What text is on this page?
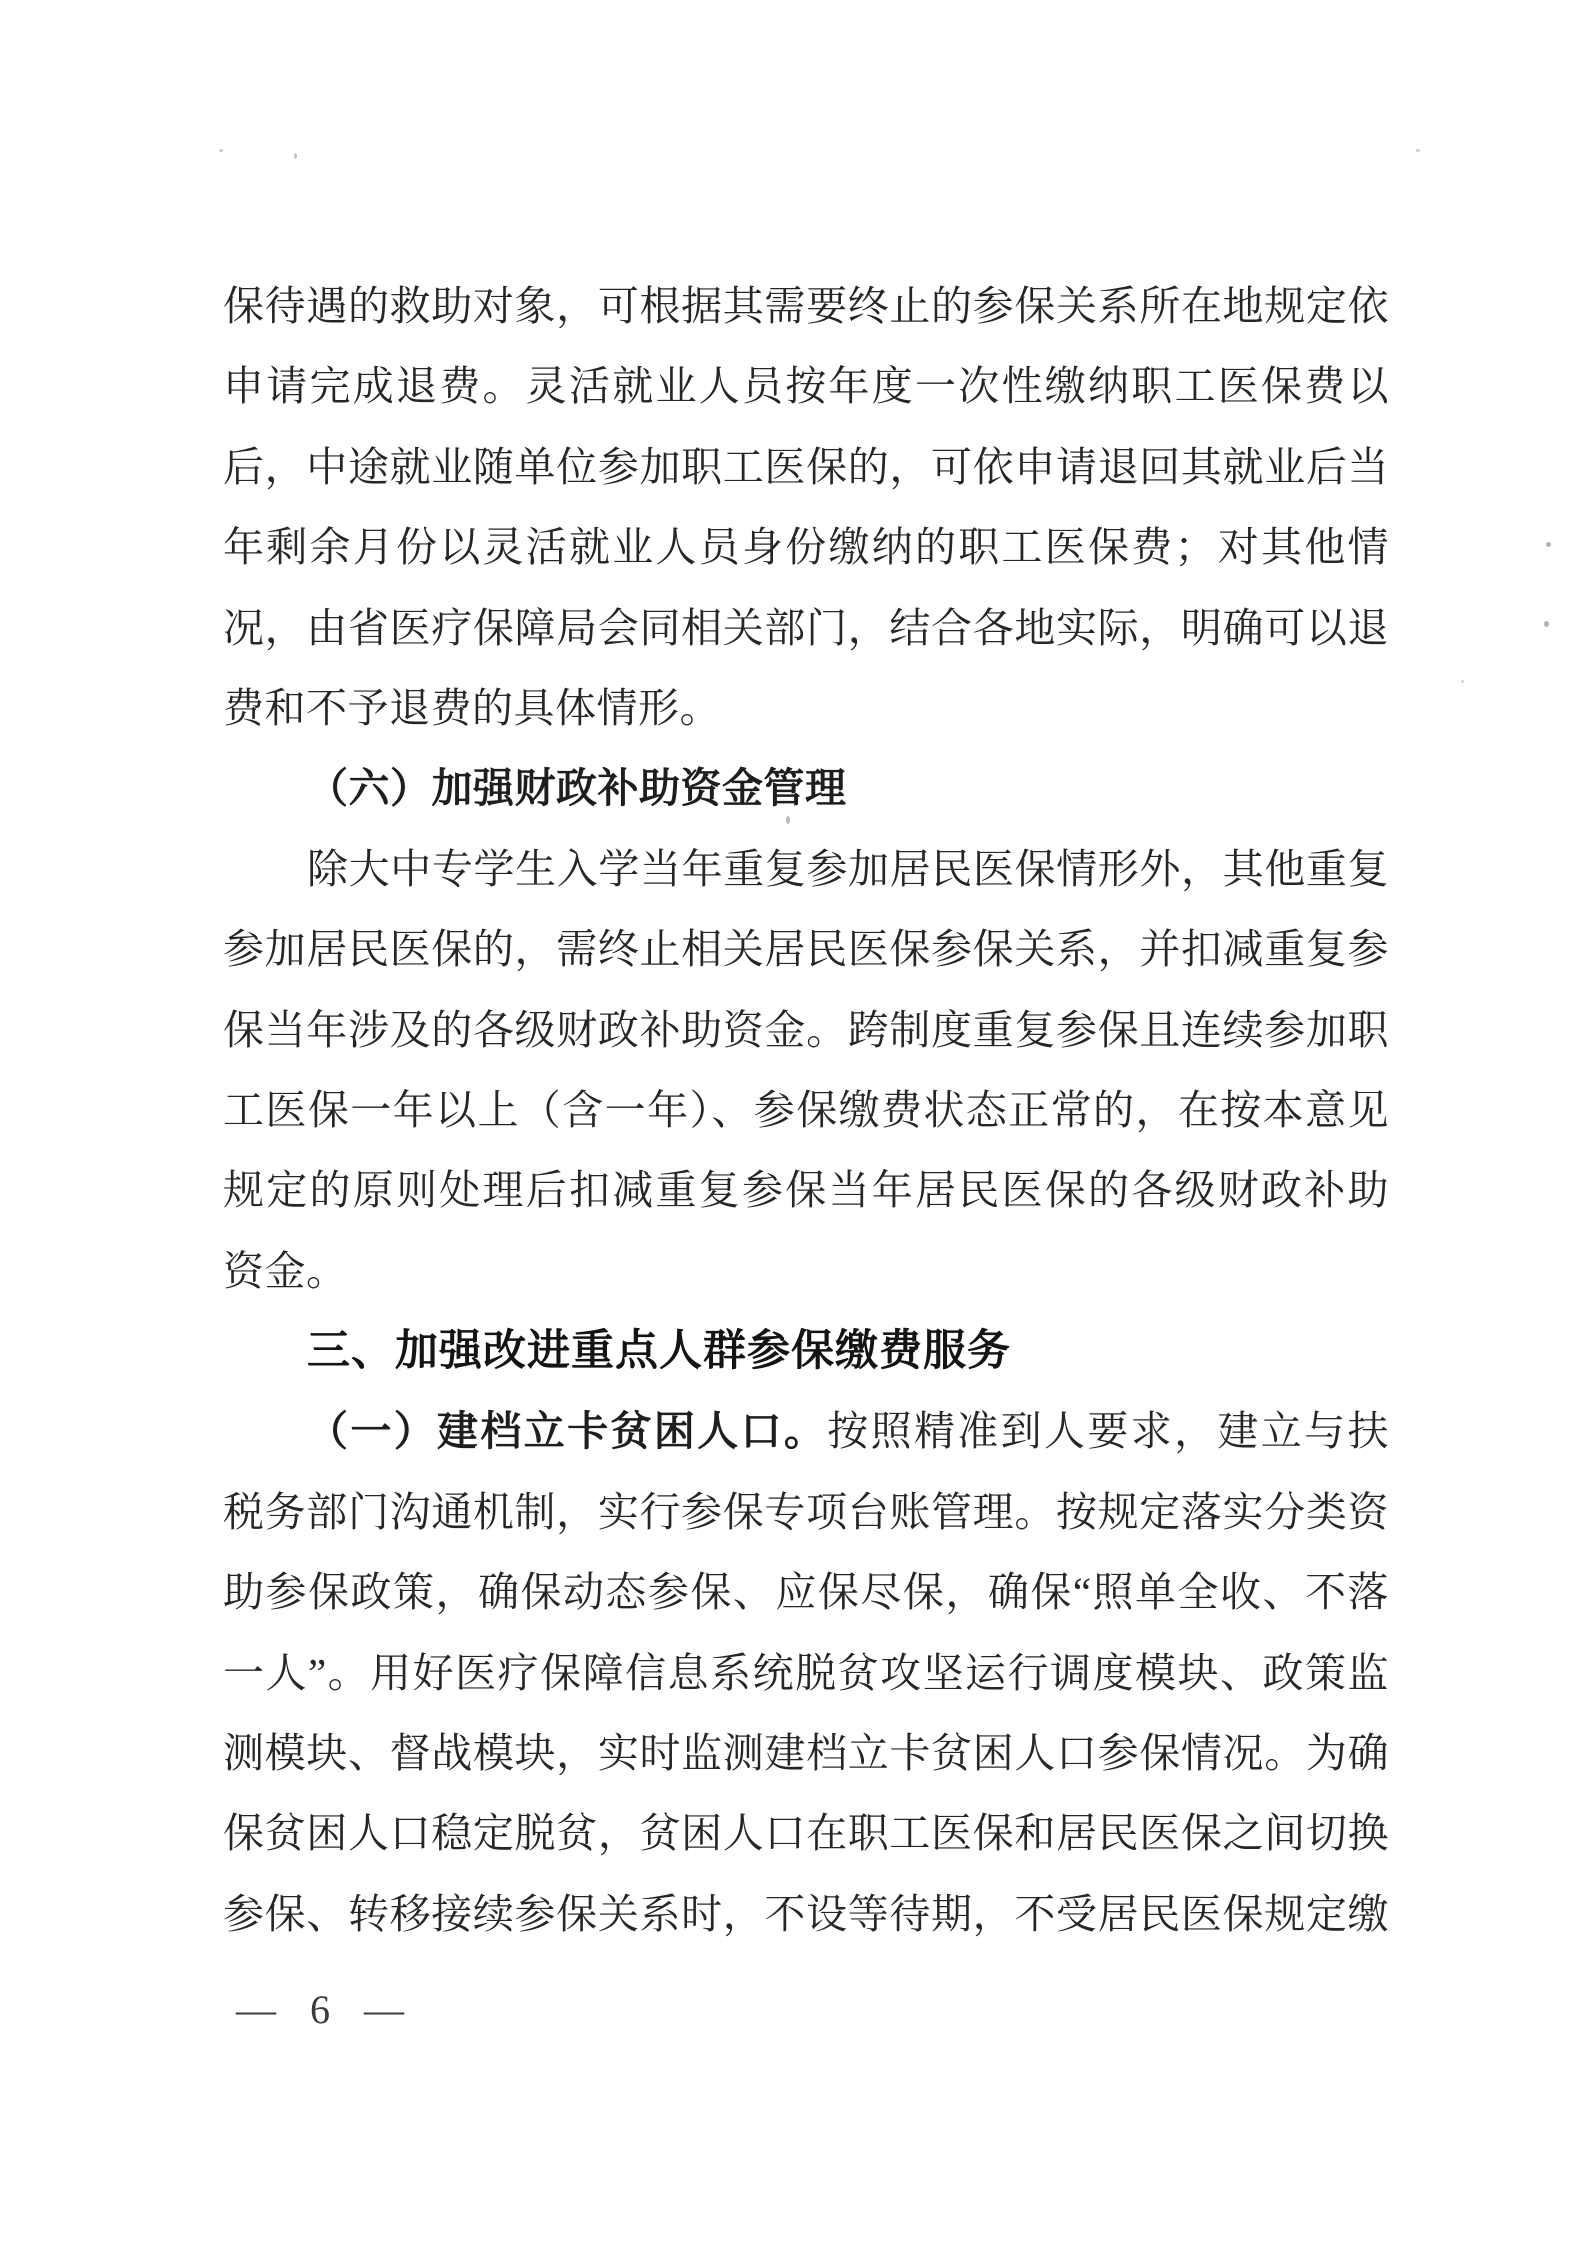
保待遇的救助对象，可根据其需要终止的参保关系所在地规定依
申请完成退费。灵活就业人员按年度一次性缴纳职工医保费以
后，中途就业随单位参加职工医保的，可依申请退回其就业后当
年剩余月份以灵活就业人员身份缴纳的职工医保费；对其他情
况，由省医疗保障局会同相关部门，结合各地实际，明确可以退
费和不予退费的具体情形。
（六）加强财政补助资金管理
除大中专学生入学当年重复参加居民医保情形外，其他重复
参加居民医保的，需终止相关居民医保参保关系，并扣减重复参
保当年涉及的各级财政补助资金。跨制度重复参保且连续参加职
工医保一年以上（含一年）、参保缴费状态正常的，在按本意见
规定的原则处理后扣减重复参保当年居民医保的各级财政补助
资金。
三、加强改进重点人群参保缴费服务
（一）建档立卡贫困人口。按照精准到人要求，建立与扶
税务部门沟通机制，实行参保专项台账管理。按规定落实分类资
助参保政策，确保动态参保、应保尽保，确保“照单全收、不落
一人”。用好医疗保障信息系统脱贫攻坚运行调度模块、政策监
测模块、督战模块，实时监测建档立卡贫困人口参保情况。为确
保贫困人口稳定脱贫，贫困人口在职工医保和居民医保之间切换
参保、转移接续参保关系时，不设等待期，不受居民医保规定缴
— 6 —
